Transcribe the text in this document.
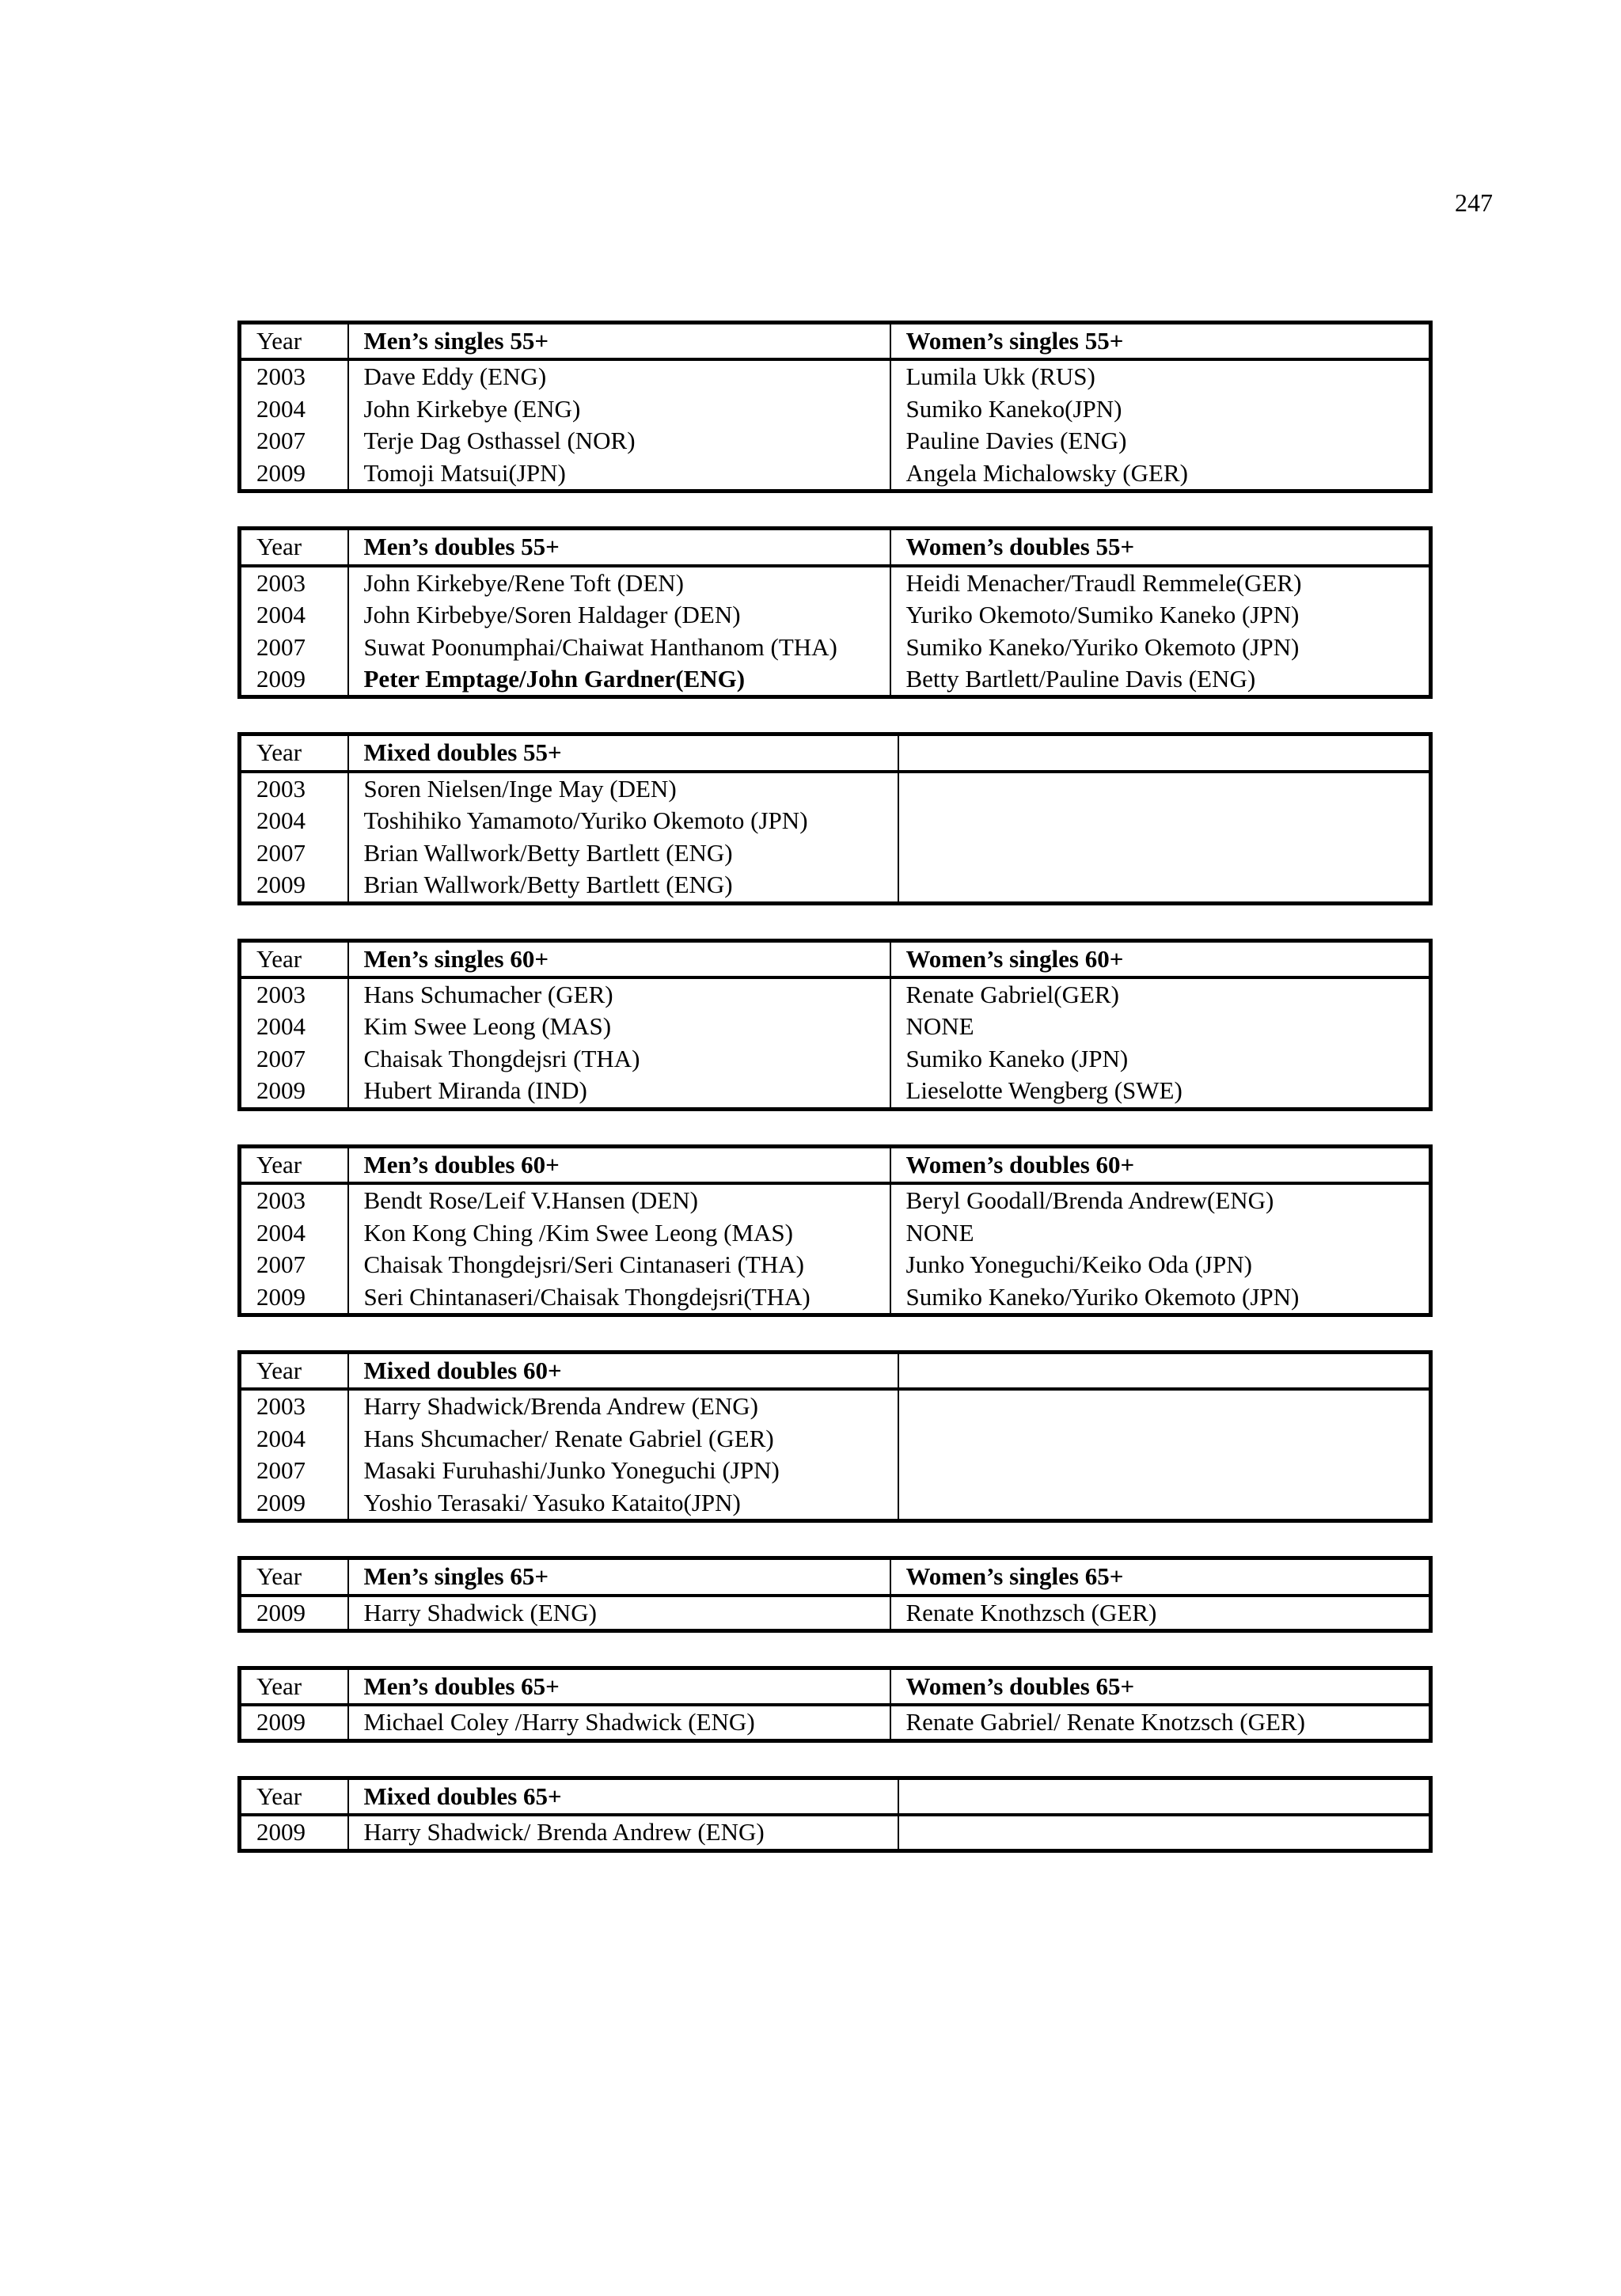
247
Year	Men’s singles 55+	Women’s singles 55+
2003	Dave Eddy (ENG)	Lumila Ukk (RUS)
2004	John Kirkebye (ENG)	Sumiko Kaneko(JPN)
2007	Terje Dag Osthassel (NOR)	Pauline Davies (ENG)
2009	Tomoji Matsui(JPN)	Angela Michalowsky (GER)
Year	Men’s doubles 55+	Women’s doubles 55+
2003	John Kirkebye/Rene Toft (DEN)	Heidi Menacher/Traudl Remmele(GER)
2004	John Kirbebye/Soren Haldager (DEN)	Yuriko Okemoto/Sumiko Kaneko (JPN)
2007	Suwat Poonumphai/Chaiwat Hanthanom (THA)	Sumiko Kaneko/Yuriko Okemoto (JPN)
2009	Peter Emptage/John Gardner(ENG)	Betty Bartlett/Pauline Davis (ENG)
Year	Mixed doubles 55+	
2003	Soren Nielsen/Inge May (DEN)	
2004	Toshihiko Yamamoto/Yuriko Okemoto (JPN)	
2007	Brian Wallwork/Betty Bartlett (ENG)	
2009	Brian Wallwork/Betty Bartlett (ENG)	
Year	Men’s singles 60+	Women’s singles 60+
2003	Hans Schumacher (GER)	Renate Gabriel(GER)
2004	Kim Swee Leong (MAS)	NONE
2007	Chaisak Thongdejsri (THA)	Sumiko Kaneko (JPN)
2009	Hubert Miranda (IND)	Lieselotte Wengberg (SWE)
Year	Men’s doubles 60+	Women’s doubles 60+
2003	Bendt Rose/Leif V.Hansen (DEN)	Beryl Goodall/Brenda Andrew(ENG)
2004	Kon Kong Ching /Kim Swee Leong (MAS)	NONE
2007	Chaisak Thongdejsri/Seri Cintanaseri (THA)	Junko Yoneguchi/Keiko Oda (JPN)
2009	Seri Chintanaseri/Chaisak Thongdejsri(THA)	Sumiko Kaneko/Yuriko Okemoto (JPN)
Year	Mixed doubles 60+	
2003	Harry Shadwick/Brenda Andrew (ENG)	
2004	Hans Shcumacher/ Renate Gabriel (GER)	
2007	Masaki Furuhashi/Junko Yoneguchi (JPN)	
2009	Yoshio Terasaki/ Yasuko Kataito(JPN)	
Year	Men’s singles 65+	Women’s singles 65+
2009	Harry Shadwick (ENG)	Renate Knothzsch (GER)
Year	Men’s doubles 65+	Women’s doubles 65+
2009	Michael Coley /Harry Shadwick (ENG)	Renate Gabriel/ Renate Knotzsch (GER)
Year	Mixed doubles 65+	
2009	Harry Shadwick/ Brenda Andrew (ENG)	
